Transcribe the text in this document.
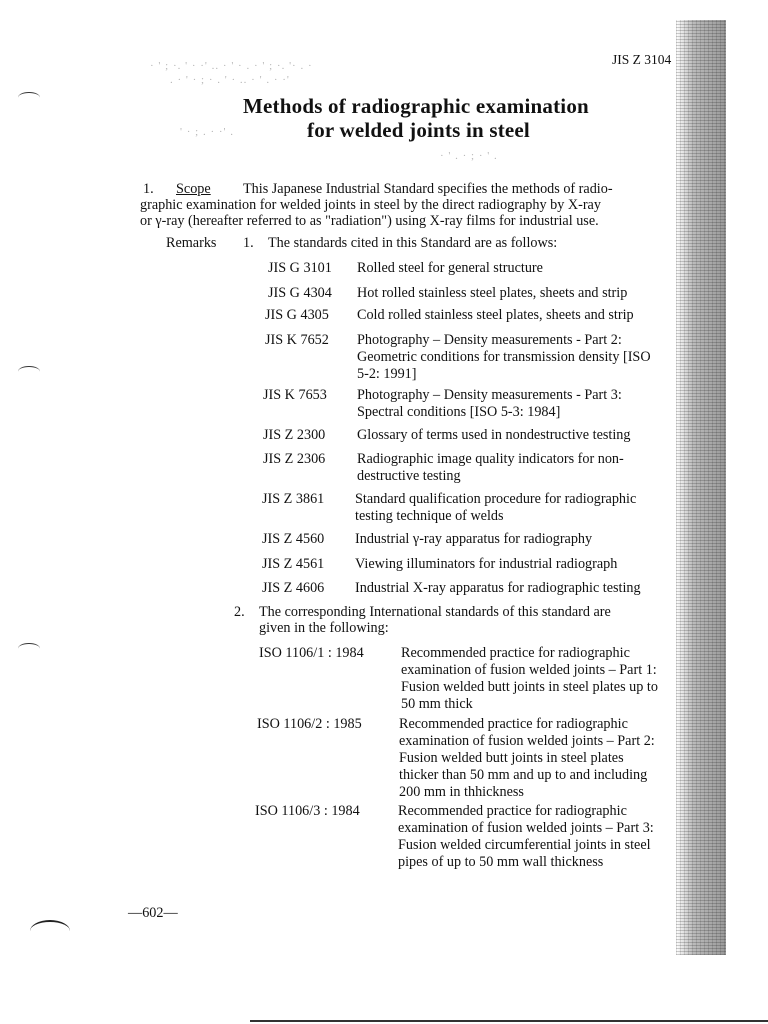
· ' ; ·. ' · ·' .. · ' · . · ' ; ·. '· . ·
. · ' · ; · . ' · .. · ' . · ·'
' · ; . · ·' .
· ' . · ; · ' .
JIS Z 3104
Methods of radiographic examination
for welded joints in steel
1. Scope This Japanese Industrial Standard specifies the methods of radio-
graphic examination for welded joints in steel by the direct radiography by X-ray
or γ-ray (hereafter referred to as "radiation") using X-ray films for industrial use.
Remarks 1. The standards cited in this Standard are as follows:
JIS G 3101 Rolled steel for general structure
JIS G 4304 Hot rolled stainless steel plates, sheets and strip
JIS G 4305 Cold rolled stainless steel plates, sheets and strip
JIS K 7652 Photography – Density measurements - Part 2:
Geometric conditions for transmission density [ISO
5-2: 1991]
JIS K 7653 Photography – Density measurements - Part 3:
Spectral conditions [ISO 5-3: 1984]
JIS Z 2300 Glossary of terms used in nondestructive testing
JIS Z 2306 Radiographic image quality indicators for non-
destructive testing
JIS Z 3861 Standard qualification procedure for radiographic
testing technique of welds
JIS Z 4560 Industrial γ-ray apparatus for radiography
JIS Z 4561 Viewing illuminators for industrial radiograph
JIS Z 4606 Industrial X-ray apparatus for radiographic testing
2. The corresponding International standards of this standard are
given in the following:
ISO 1106/1 : 1984	Recommended practice for radiographic
examination of fusion welded joints – Part 1:
Fusion welded butt joints in steel plates up to
50 mm thick
ISO 1106/2 : 1985	Recommended practice for radiographic
examination of fusion welded joints – Part 2:
Fusion welded butt joints in steel plates
thicker than 50 mm and up to and including
200 mm in thhickness
ISO 1106/3 : 1984	Recommended practice for radiographic
examination of fusion welded joints – Part 3:
Fusion welded circumferential joints in steel
pipes of up to 50 mm wall thickness
—602—
